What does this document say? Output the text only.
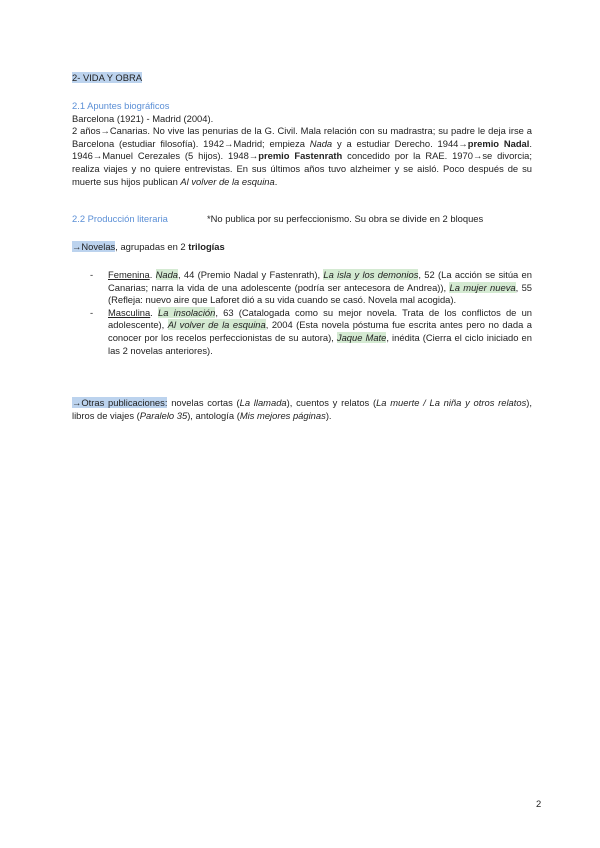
2- VIDA Y OBRA

2.1 Apuntes biográficos

Barcelona (1921) - Madrid (2004).

2 años→Canarias. No vive las penurias de la G. Civil. Mala relación con su madrastra; su padre le deja irse a Barcelona (estudiar filosofía). 1942→Madrid; empieza Nada y a estudiar Derecho. 1944→premio Nadal. 1946→Manuel Cerezales (5 hijos). 1948→premio Fastenrath concedido por la RAE. 1970→se divorcia; realiza viajes y no quiere entrevistas. En sus últimos años tuvo alzheimer y se aisló. Poco después de su muerte sus hijos publican Al volver de la esquina.

2.2 Producción literaria	*No publica por su perfeccionismo. Su obra se divide en 2 bloques
→Novelas, agrupadas en 2 trilogías
- Femenina. Nada, 44 (Premio Nadal y Fastenrath), La isla y los demonios, 52 (La acción se sitúa en Canarias; narra la vida de una adolescente (podría ser antecesora de Andrea)), La mujer nueva, 55 (Refleja: nuevo aire que Laforet dió a su vida cuando se casó. Novela mal acogida).
- Masculina. La insolación, 63 (Catalogada como su mejor novela. Trata de los conflictos de un adolescente), Al volver de la esquina, 2004 (Esta novela póstuma fue escrita antes pero no dada a conocer por los recelos perfeccionistas de su autora), Jaque Mate, inédita (Cierra el ciclo iniciado en las 2 novelas anteriores).
→Otras publicaciones: novelas cortas (La llamada), cuentos y relatos (La muerte / La niña y otros relatos), libros de viajes (Paralelo 35), antología (Mis mejores páginas).
2
